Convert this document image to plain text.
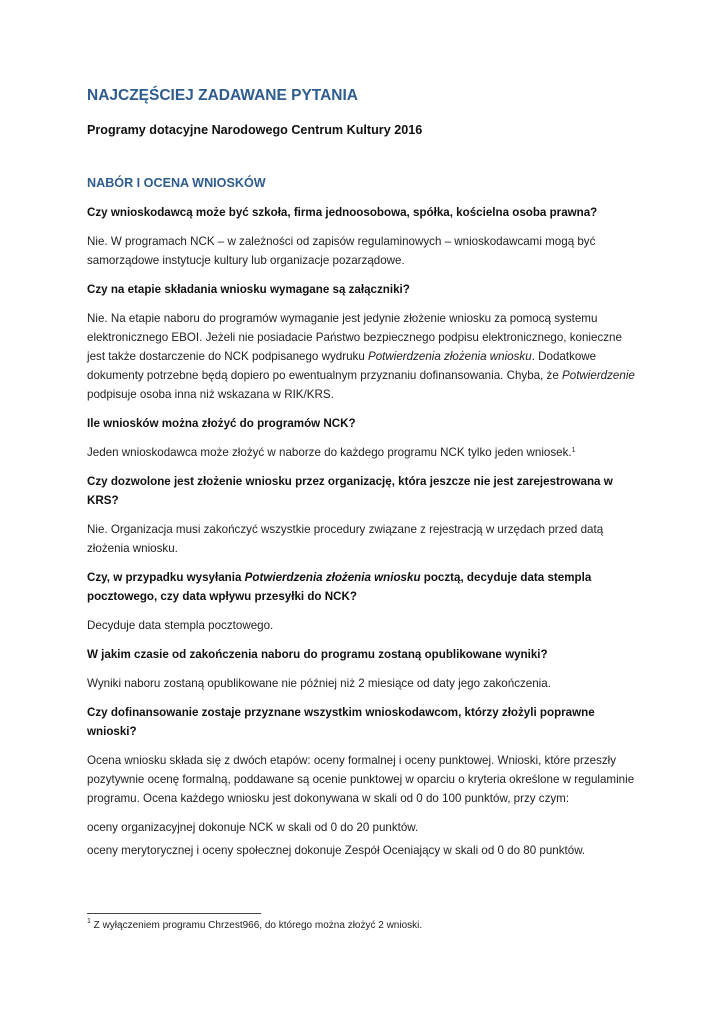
NAJCZĘŚCIEJ ZADAWANE PYTANIA
Programy dotacyjne Narodowego Centrum Kultury 2016
NABÓR I OCENA WNIOSKÓW

Czy wnioskodawcą może być szkoła, firma jednoosobowa, spółka, kościelna osoba prawna?

Nie. W programach NCK – w zależności od zapisów regulaminowych – wnioskodawcami mogą być samorządowe instytucje kultury lub organizacje pozarządowe.

Czy na etapie składania wniosku wymagane są załączniki?

Nie. Na etapie naboru do programów wymaganie jest jedynie złożenie wniosku za pomocą systemu elektronicznego EBOI. Jeżeli nie posiadacie Państwo bezpiecznego podpisu elektronicznego, konieczne jest także dostarczenie do NCK podpisanego wydruku Potwierdzenia złożenia wniosku. Dodatkowe dokumenty potrzebne będą dopiero po ewentualnym przyznaniu dofinansowania. Chyba, że Potwierdzenie podpisuje osoba inna niż wskazana w RIK/KRS.

Ile wniosków można złożyć do programów NCK?

Jeden wnioskodawca może złożyć w naborze do każdego programu NCK tylko jeden wniosek.$^1$

Czy dozwolone jest złożenie wniosku przez organizację, która jeszcze nie jest zarejestrowana w KRS?

Nie. Organizacja musi zakończyć wszystkie procedury związane z rejestracją w urzędach przed datą złożenia wniosku.

Czy, w przypadku wysyłania Potwierdzenia złożenia wniosku pocztą, decyduje data stempla pocztowego, czy data wpływu przesyłki do NCK?

Decyduje data stempla pocztowego.

W jakim czasie od zakończenia naboru do programu zostaną opublikowane wyniki?

Wyniki naboru zostaną opublikowane nie później niż 2 miesiące od daty jego zakończenia.

Czy dofinansowanie zostaje przyznane wszystkim wnioskodawcom, którzy złożyli poprawne wnioski?

Ocena wniosku składa się z dwóch etapów: oceny formalnej i oceny punktowej. Wnioski, które przeszły pozytywnie ocenę formalną, poddawane są ocenie punktowej w oparciu o kryteria określone w regulaminie programu. Ocena każdego wniosku jest dokonywana w skali od 0 do 100 punktów, przy czym:

oceny organizacyjnej dokonuje NCK w skali od 0 do 20 punktów.

oceny merytorycznej i oceny społecznej dokonuje Zespół Oceniający w skali od 0 do 80 punktów.

$^1$ Z wyłączeniem programu Chrzest966, do którego można złożyć 2 wnioski.
